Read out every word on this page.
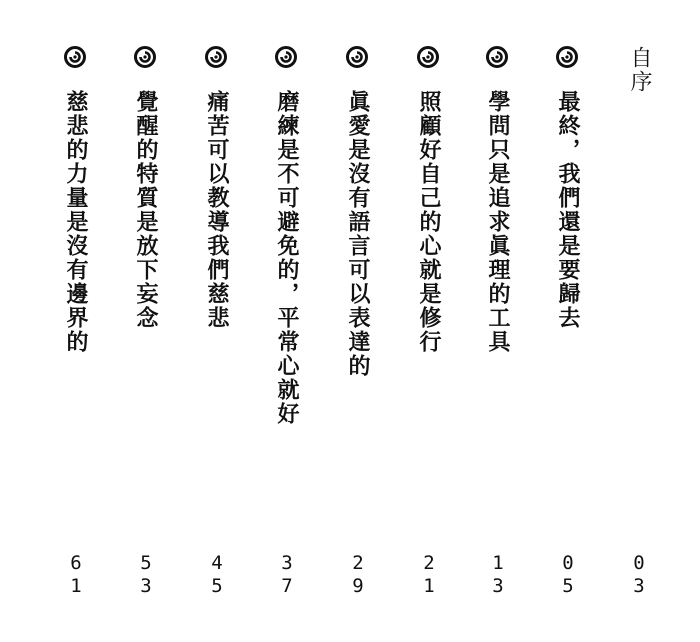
自序
0
3
最終，我們還是要歸去
0
5
學問只是追求眞理的工具
1
3
照顧好自己的心就是修行
2
1
眞愛是沒有語言可以表達的
2
9
磨練是不可避免的，平常心就好
3
7
痛苦可以教導我們慈悲
4
5
覺醒的特質是放下妄念
5
3
慈悲的力量是沒有邊界的
6
1
